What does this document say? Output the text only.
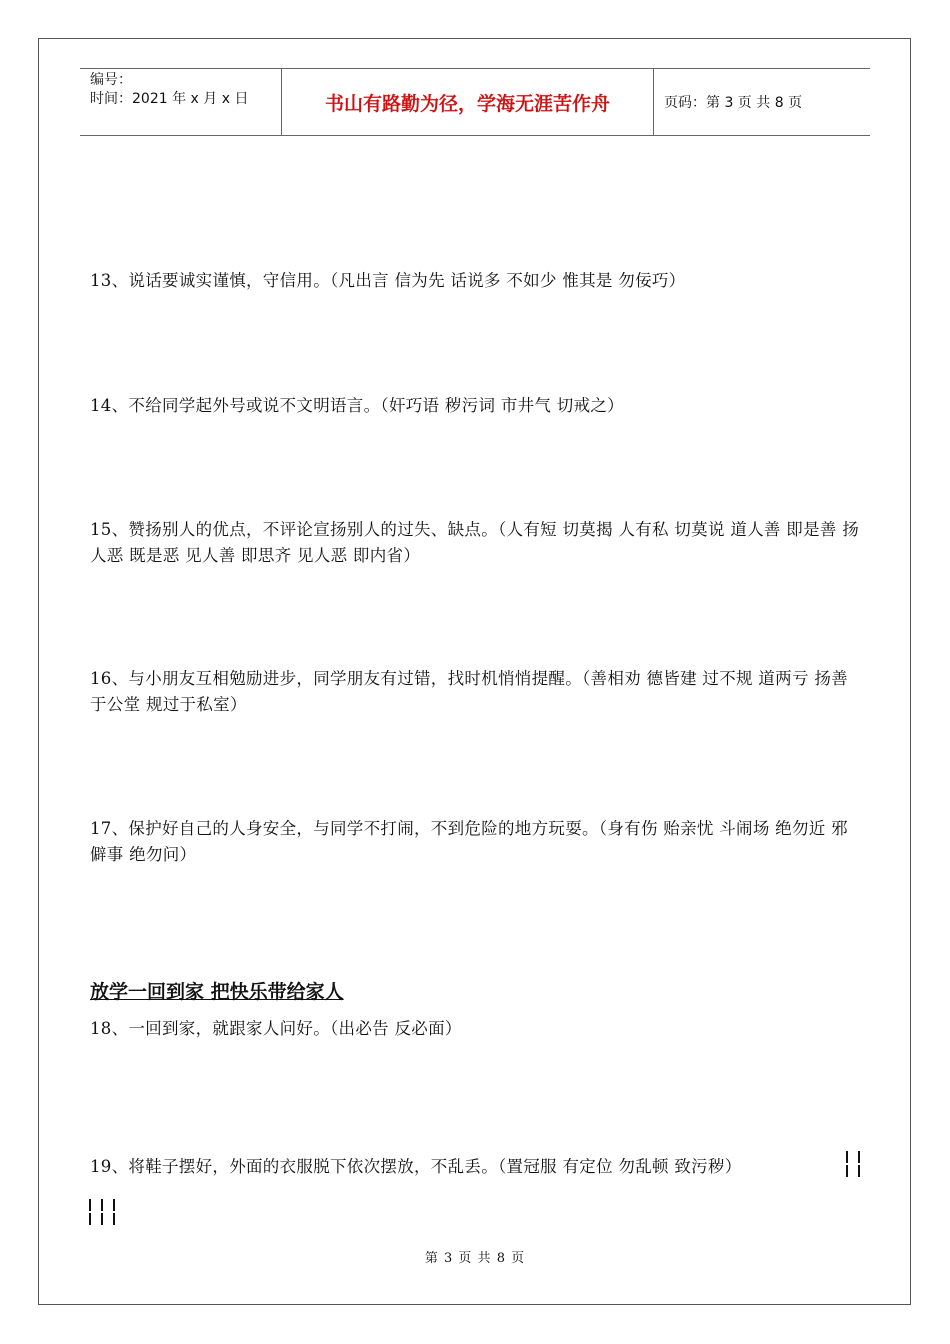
编号：
时间：2021 年 x 月 x 日	书山有路勤为径，学海无涯苦作舟	页码：第 3 页 共 8 页
13、说话要诚实谨慎，守信用。（凡出言 信为先 话说多 不如少 惟其是 勿佞巧）
14、不给同学起外号或说不文明语言。（奸巧语 秽污词 市井气 切戒之）
15、赞扬别人的优点，不评论宣扬别人的过失、缺点。（人有短 切莫揭 人有私 切莫说 道人善 即是善 扬人恶 既是恶 见人善 即思齐 见人恶 即内省）
16、与小朋友互相勉励进步，同学朋友有过错，找时机悄悄提醒。（善相劝 德皆建 过不规 道两亏 扬善于公堂 规过于私室）
17、保护好自己的人身安全，与同学不打闹，不到危险的地方玩耍。（身有伤 贻亲忧 斗闹场 绝勿近 邪僻事 绝勿问）
放学一回到家 把快乐带给家人
18、一回到家，就跟家人问好。（出必告 反必面）
19、将鞋子摆好，外面的衣服脱下依次摆放，不乱丢。（置冠服 有定位 勿乱顿 致污秽）
第 3 页 共 8 页
